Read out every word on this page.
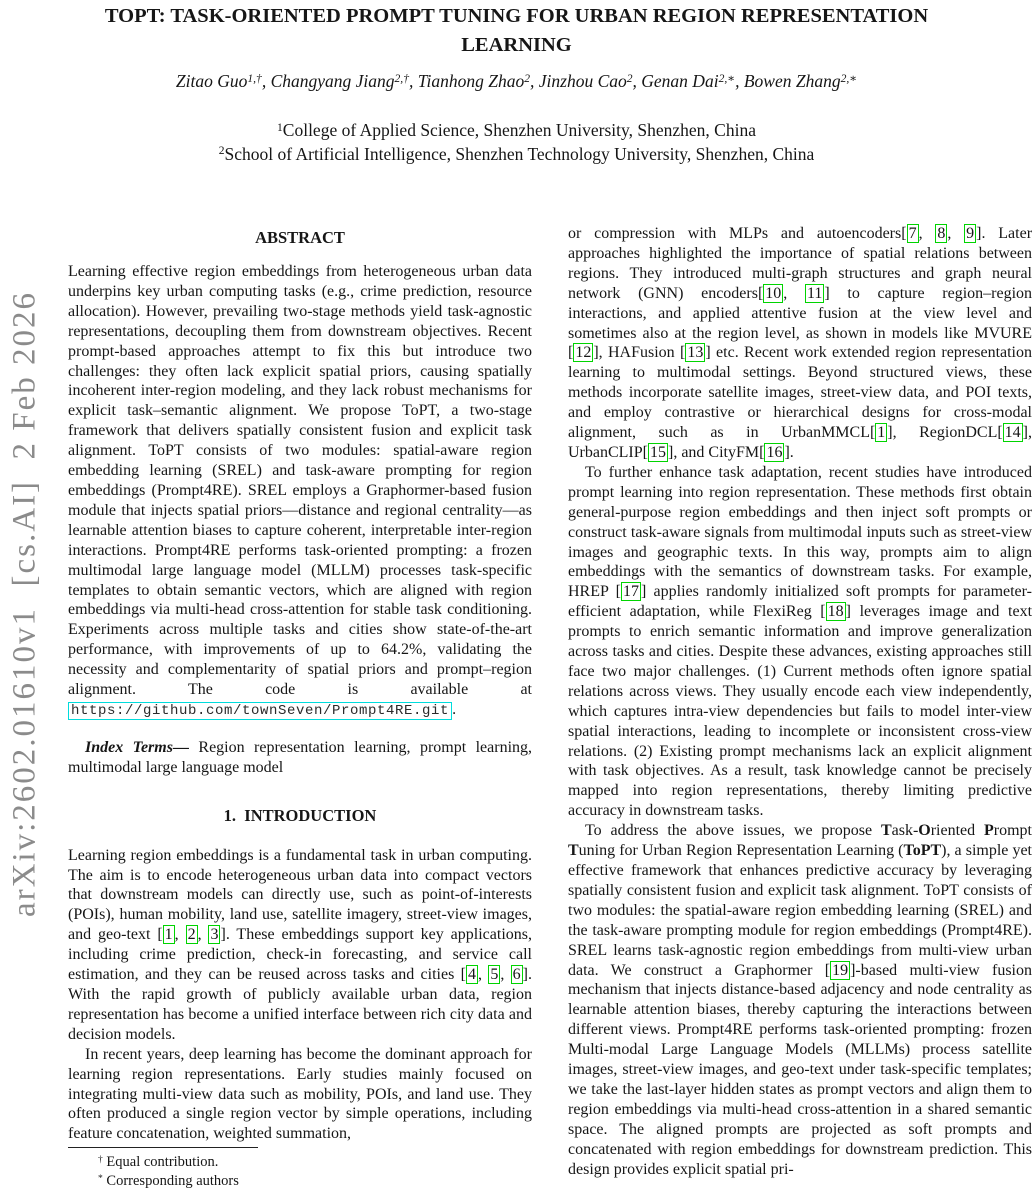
arXiv:2602.01610v1  [cs.AI]  2 Feb 2026
TOPT: TASK-ORIENTED PROMPT TUNING FOR URBAN REGION REPRESENTATION
LEARNING
Zitao Guo$^{1,\dagger}$, Changyang Jiang$^{2,\dagger}$, Tianhong Zhao$^2$, Jinzhou Cao$^2$, Genan Dai$^{2,∗}$, Bowen Zhang$^{2,∗}$
$^1$College of Applied Science, Shenzhen University, Shenzhen, China
$^2$School of Artificial Intelligence, Shenzhen Technology University, Shenzhen, China
ABSTRACT

Learning effective region embeddings from heterogeneous urban data underpins key urban computing tasks (e.g., crime prediction, resource allocation). However, prevailing two-stage methods yield task-agnostic representations, decoupling them from downstream objectives. Recent prompt-based approaches attempt to fix this but introduce two challenges: they often lack explicit spatial priors, causing spatially incoherent inter-region modeling, and they lack robust mechanisms for explicit task–semantic alignment. We propose ToPT, a two-stage framework that delivers spatially consistent fusion and explicit task alignment. ToPT consists of two modules: spatial-aware region embedding learning (SREL) and task-aware prompting for region embeddings (Prompt4RE). SREL employs a Graphormer-based fusion module that injects spatial priors—distance and regional centrality—as learnable attention biases to capture coherent, interpretable inter-region interactions. Prompt4RE performs task-oriented prompting: a frozen multimodal large language model (MLLM) processes task-specific templates to obtain semantic vectors, which are aligned with region embeddings via multi-head cross-attention for stable task conditioning. Experiments across multiple tasks and cities show state-of-the-art performance, with improvements of up to 64.2%, validating the necessity and complementarity of spatial priors and prompt–region alignment. The code is available at https://github.com/townSeven/Prompt4RE.git .

Index Terms— Region representation learning, prompt learning, multimodal large language model

1.  INTRODUCTION

Learning region embeddings is a fundamental task in urban computing. The aim is to encode heterogeneous urban data into compact vectors that downstream models can directly use, such as point-of-interests (POIs), human mobility, land use, satellite imagery, street-view images, and geo-text [ 1 , 2 , 3 ]. These embeddings support key applications, including crime prediction, check-in forecasting, and service call estimation, and they can be reused across tasks and cities [ 4 , 5 , 6 ]. With the rapid growth of publicly available urban data, region representation has become a unified interface between rich city data and decision models.

In recent years, deep learning has become the dominant approach for learning region representations. Early studies mainly focused on integrating multi-view data such as mobility, POIs, and land use. They often produced a single region vector by simple operations, including feature concatenation, weighted summation,

or compression with MLPs and autoencoders[ 7 , 8 , 9 ]. Later approaches highlighted the importance of spatial relations between regions. They introduced multi-graph structures and graph neural network (GNN) encoders[ 10 , 11 ] to capture region–region interactions, and applied attentive fusion at the view level and sometimes also at the region level, as shown in models like MVURE [ 12 ], HAFusion [ 13 ] etc. Recent work extended region representation learning to multimodal settings. Beyond structured views, these methods incorporate satellite images, street-view data, and POI texts, and employ contrastive or hierarchical designs for cross-modal alignment, such as in UrbanMMCL[ 1 ], RegionDCL[ 14 ], UrbanCLIP[ 15 ], and CityFM[ 16 ].

To further enhance task adaptation, recent studies have introduced prompt learning into region representation. These methods first obtain general-purpose region embeddings and then inject soft prompts or construct task-aware signals from multimodal inputs such as street-view images and geographic texts. In this way, prompts aim to align embeddings with the semantics of downstream tasks. For example, HREP [ 17 ] applies randomly initialized soft prompts for parameter-efficient adaptation, while FlexiReg [ 18 ] leverages image and text prompts to enrich semantic information and improve generalization across tasks and cities. Despite these advances, existing approaches still face two major challenges. (1) Current methods often ignore spatial relations across views. They usually encode each view independently, which captures intra-view dependencies but fails to model inter-view spatial interactions, leading to incomplete or inconsistent cross-view relations. (2) Existing prompt mechanisms lack an explicit alignment with task objectives. As a result, task knowledge cannot be precisely mapped into region representations, thereby limiting predictive accuracy in downstream tasks.

To address the above issues, we propose Task-Oriented Prompt Tuning for Urban Region Representation Learning (ToPT), a simple yet effective framework that enhances predictive accuracy by leveraging spatially consistent fusion and explicit task alignment. ToPT consists of two modules: the spatial-aware region embedding learning (SREL) and the task-aware prompting module for region embeddings (Prompt4RE). SREL learns task-agnostic region embeddings from multi-view urban data. We construct a Graphormer [ 19 ]-based multi-view fusion mechanism that injects distance-based adjacency and node centrality as learnable attention biases, thereby capturing the interactions between different views. Prompt4RE performs task-oriented prompting: frozen Multi-modal Large Language Models (MLLMs) process satellite images, street-view images, and geo-text under task-specific templates; we take the last-layer hidden states as prompt vectors and align them to region embeddings via multi-head cross-attention in a shared semantic space. The aligned prompts are projected as soft prompts and concatenated with region embeddings for downstream prediction. This design provides explicit spatial pri-

† Equal contribution.
* Corresponding authors
